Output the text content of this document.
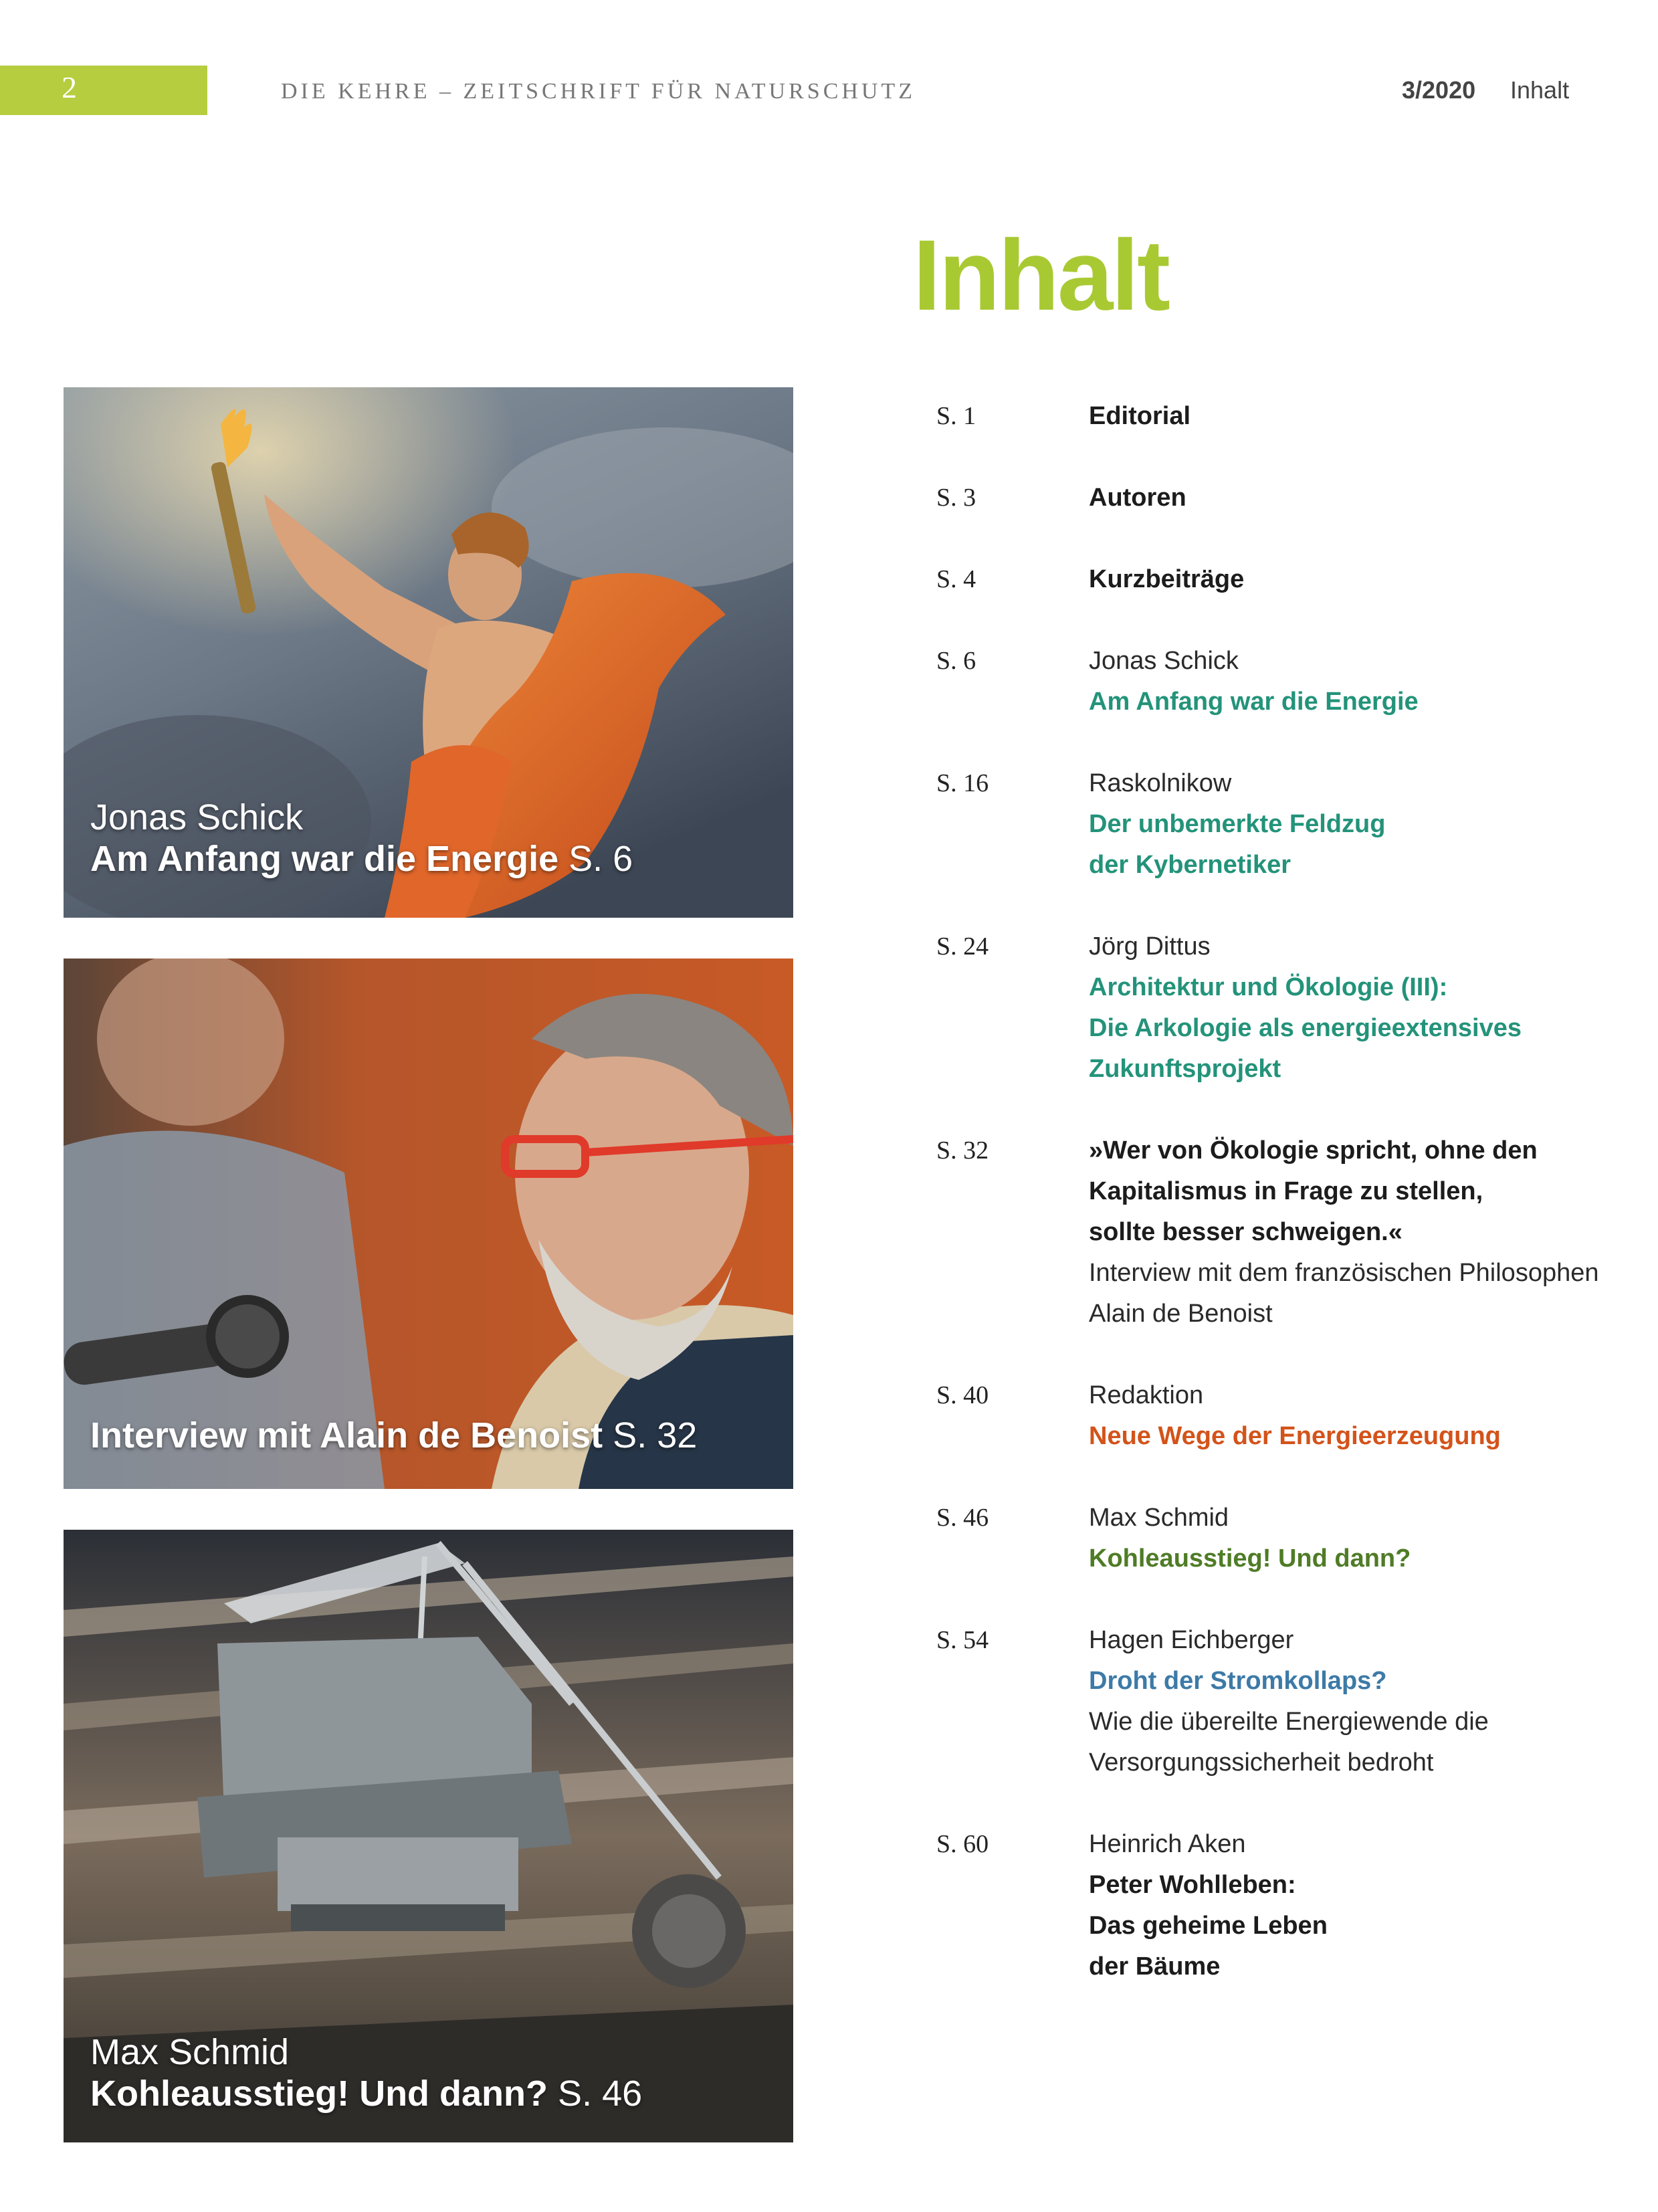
2	DIE KEHRE – ZEITSCHRIFT FÜR NATURSCHUTZ	3/2020 Inhalt
Inhalt
Jonas Schick
Am Anfang war die Energie S. 6
Interview mit Alain de Benoist S. 32
Max Schmid
Kohleausstieg! Und dann? S. 46
S. 1	Editorial
S. 3	Autoren
S. 4	Kurzbeiträge
S. 6	Jonas Schick
Am Anfang war die Energie
S. 16	Raskolnikow
Der unbemerkte Feldzug
der Kybernetiker
S. 24	Jörg Dittus
Architektur und Ökologie (III):
Die Arkologie als energieextensives
Zukunftsprojekt
S. 32	»Wer von Ökologie spricht, ohne den
Kapitalismus in Frage zu stellen,
sollte besser schweigen.«
Interview mit dem französischen Philosophen
Alain de Benoist
S. 40	Redaktion
Neue Wege der Energieerzeugung
S. 46	Max Schmid
Kohleausstieg! Und dann?
S. 54	Hagen Eichberger
Droht der Stromkollaps?
Wie die übereilte Energiewende die
Versorgungssicherheit bedroht
S. 60	Heinrich Aken
Peter Wohlleben:
Das geheime Leben
der Bäume
